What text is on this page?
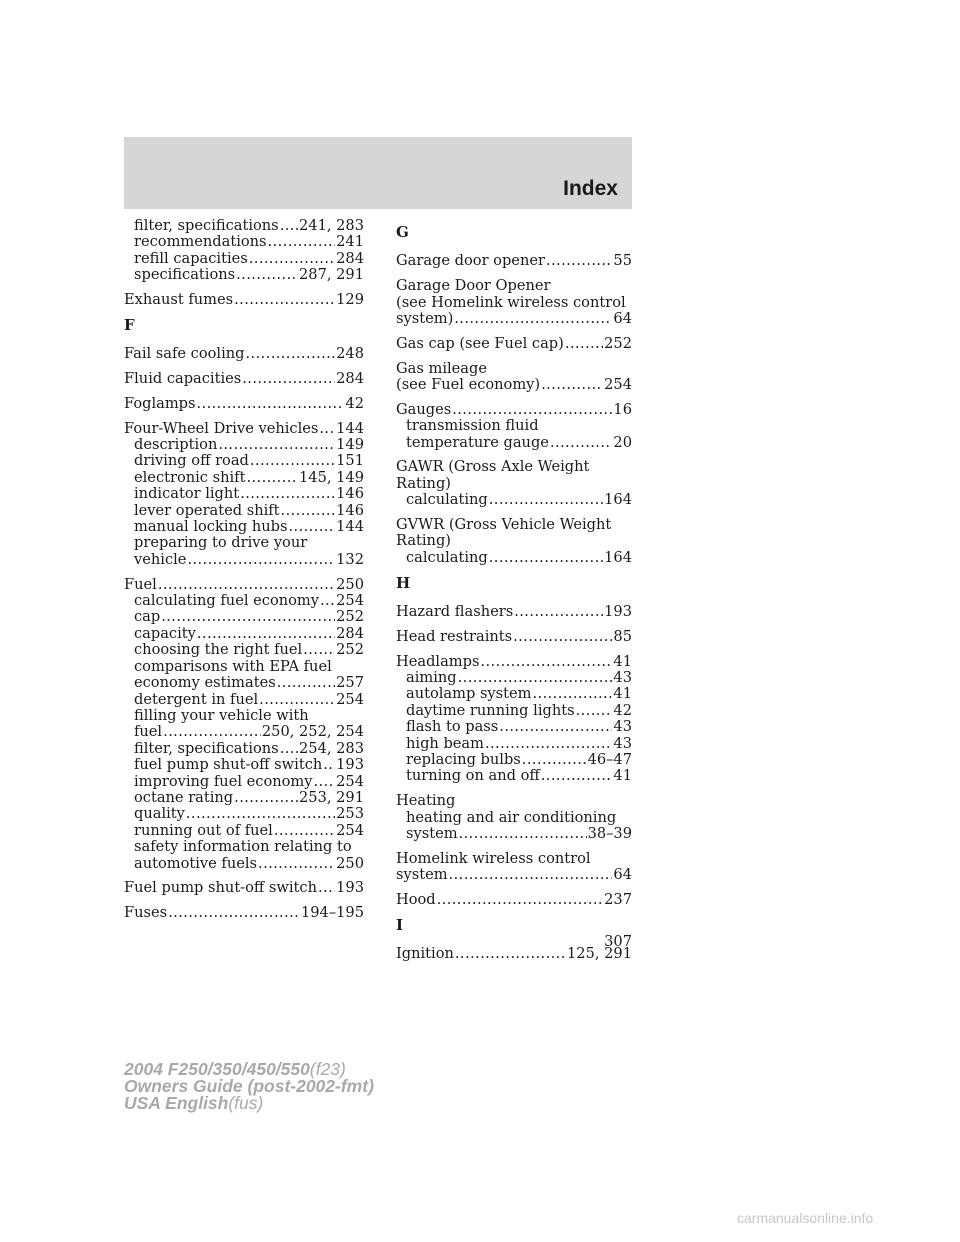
Index
filter, specifications ..... 241, 283
recommendations .....	241
refill capacities .....	284
specifications .....	287, 291
Exhaust fumes .....	129
F
Fail safe cooling .....	248
Fluid capacities .....	284
Foglamps .....	42
Four-Wheel Drive vehicles ..... 144
description .....	149
driving off road .....	151
electronic shift .....	145, 149
indicator light .....	146
lever operated shift .....	146
manual locking hubs .....	144
preparing to drive your
vehicle .....	132
Fuel .....	250
calculating fuel economy ..... 254
cap .....	252
capacity .....	284
choosing the right fuel ..... 252
comparisons with EPA fuel
economy estimates .....	257
detergent in fuel .....	254
filling your vehicle with
fuel .....	250, 252, 254
filter, specifications ..... 254, 283
fuel pump shut-off switch ..... 193
improving fuel economy ..... 254
octane rating .....	253, 291
quality .....	253
running out of fuel .....	254
safety information relating to
automotive fuels .....	250
Fuel pump shut-off switch ..... 193
Fuses .....	194–195
G
Garage door opener .....	55
Garage Door Opener
(see Homelink wireless control
system) .....	64
Gas cap (see Fuel cap) .....	252
Gas mileage
(see Fuel economy) .....	254
Gauges .....	16
transmission fluid
temperature gauge .....	20
GAWR (Gross Axle Weight
Rating)
calculating .....	164
GVWR (Gross Vehicle Weight
Rating)
calculating .....	164
H
Hazard flashers .....	193
Head restraints .....	85
Headlamps .....	41
aiming .....	43
autolamp system .....	41
daytime running lights .....	42
flash to pass .....	43
high beam .....	43
replacing bulbs .....	46–47
turning on and off .....	41
Heating
heating and air conditioning
system .....	38–39
Homelink wireless control
system .....	64
Hood .....	237
I
Ignition .....	125, 291
307
2004 F250/350/450/550(f23)
Owners Guide (post-2002-fmt)
USA English(fus)
carmanualsonline.info
